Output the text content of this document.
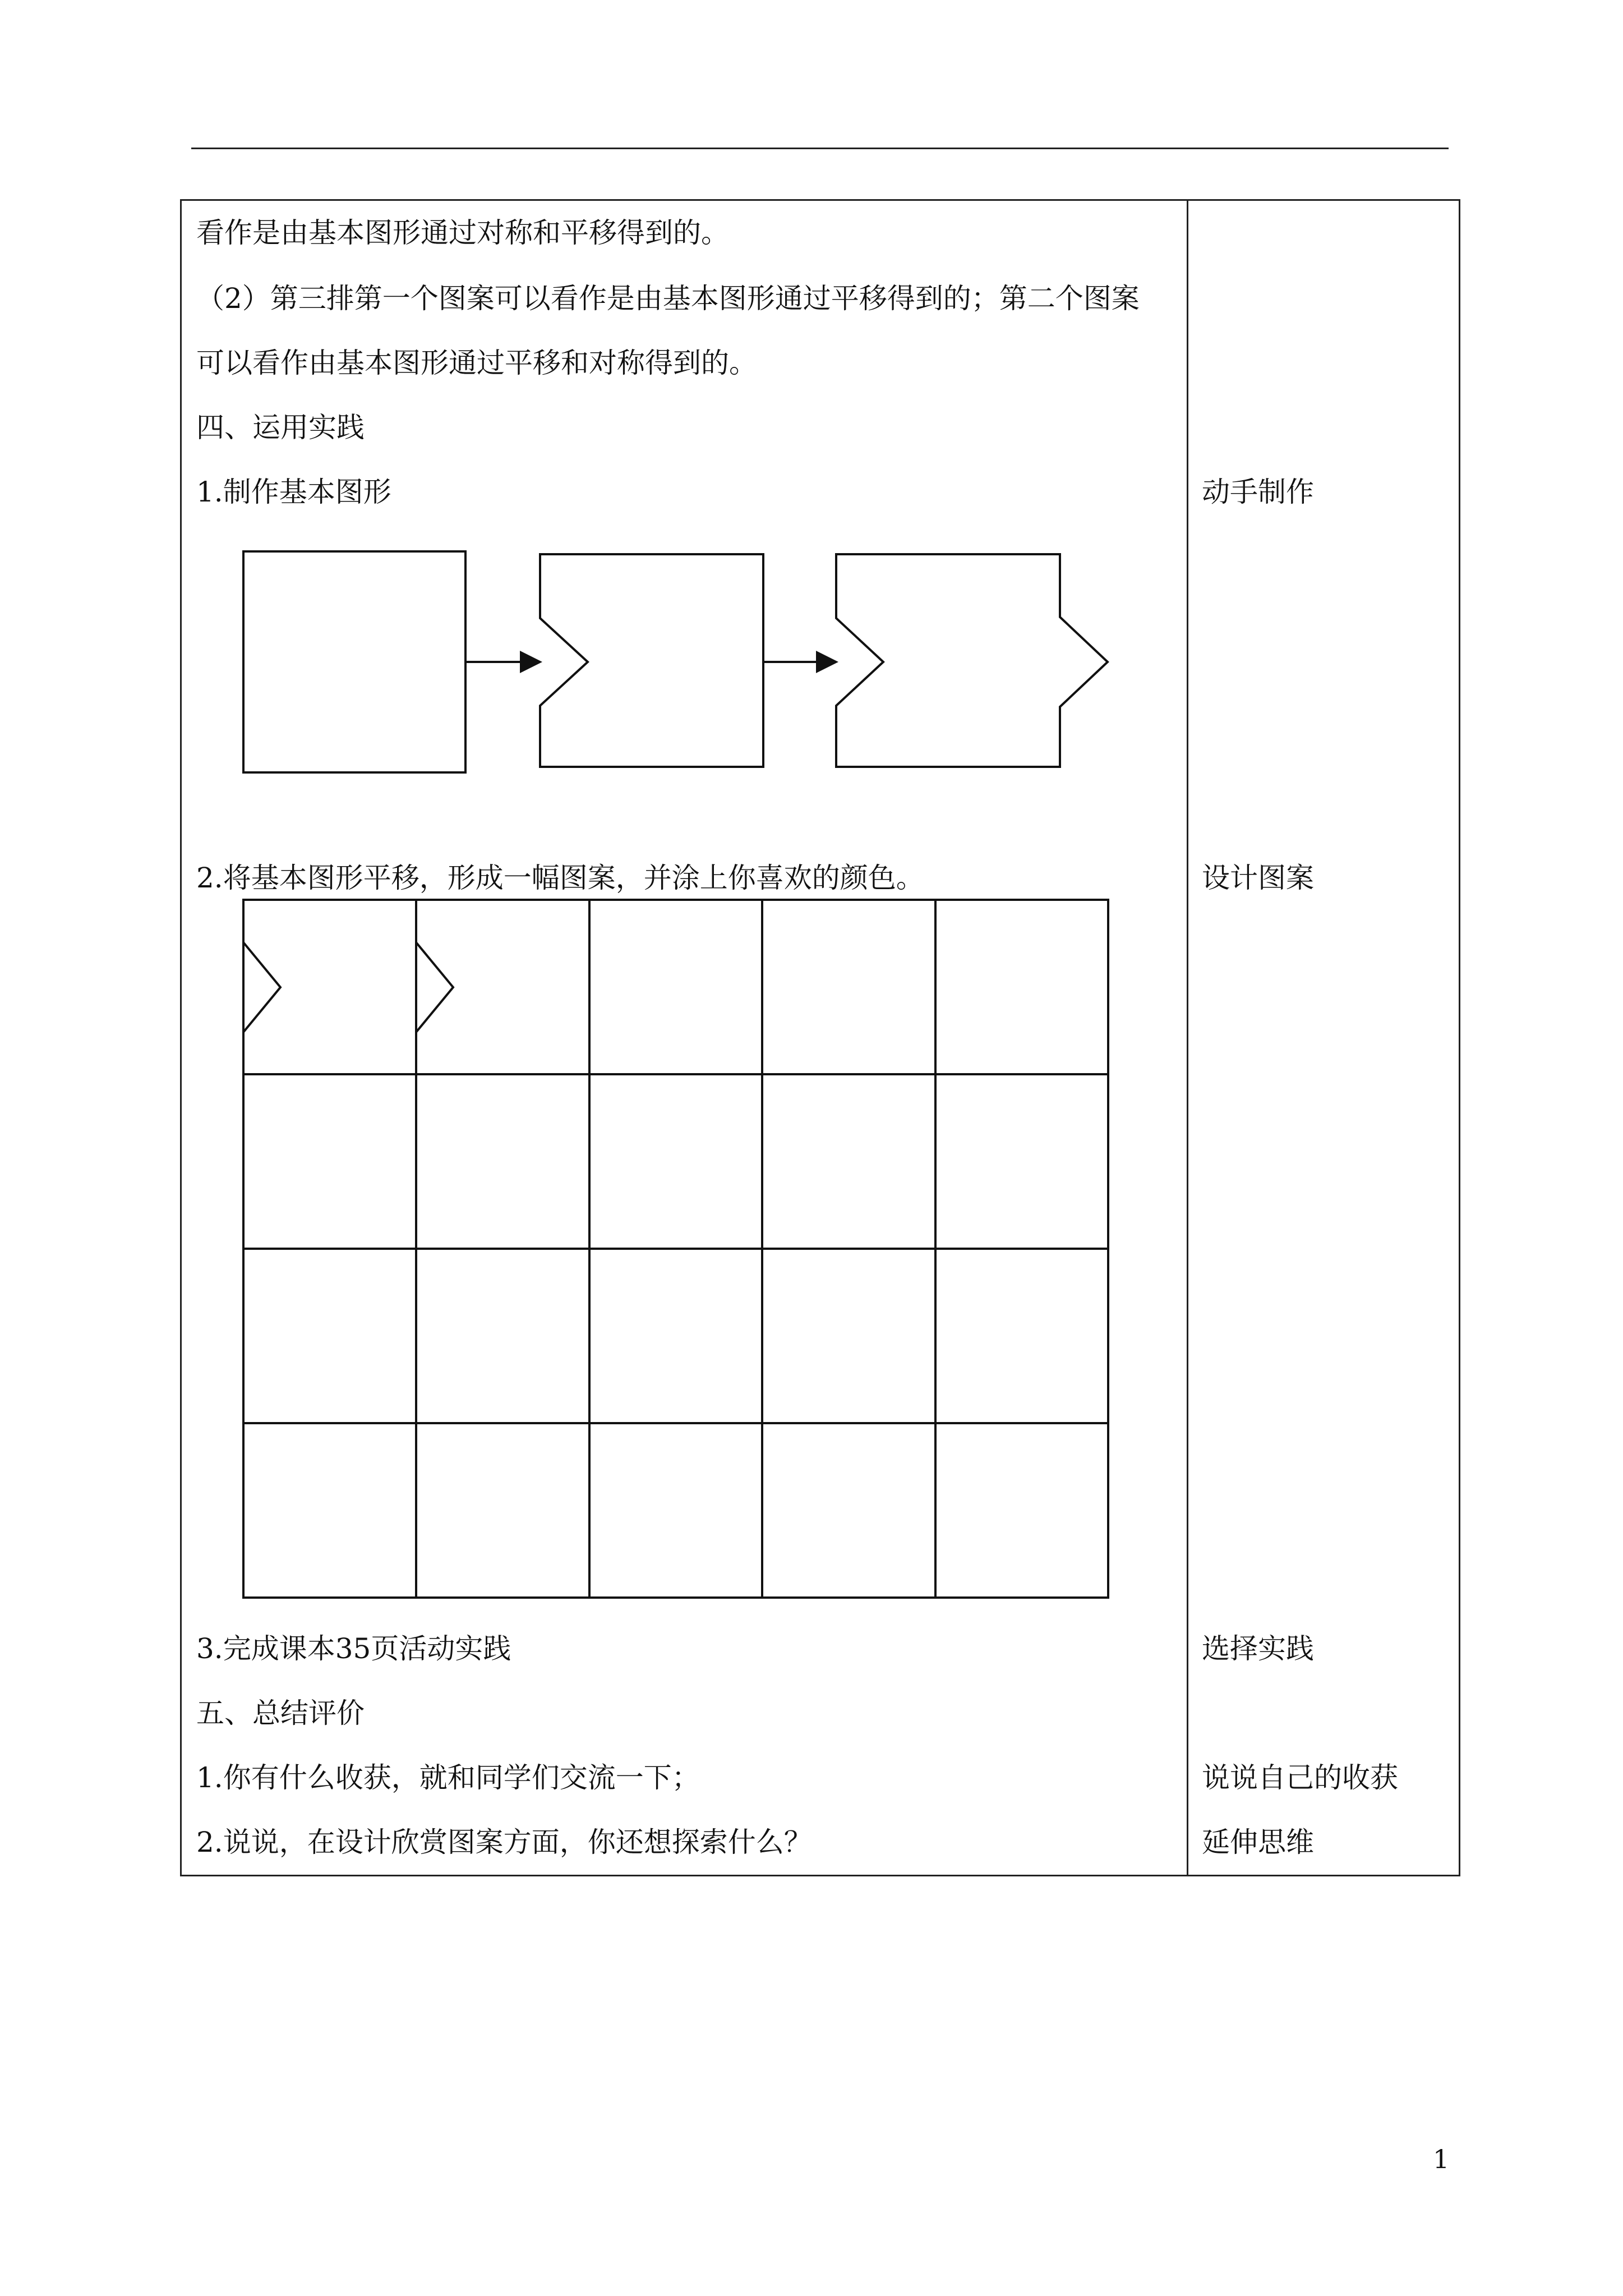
看作是由基本图形通过对称和平移得到的。
（2）第三排第一个图案可以看作是由基本图形通过平移得到的；第二个图案
可以看作由基本图形通过平移和对称得到的。
四、运用实践
1.制作基本图形
2.将基本图形平移，形成一幅图案，并涂上你喜欢的颜色。
3.完成课本35页活动实践
五、总结评价
1.你有什么收获，就和同学们交流一下；
2.说说，在设计欣赏图案方面，你还想探索什么？
动手制作
设计图案
选择实践
说说自己的收获
延伸思维
1
